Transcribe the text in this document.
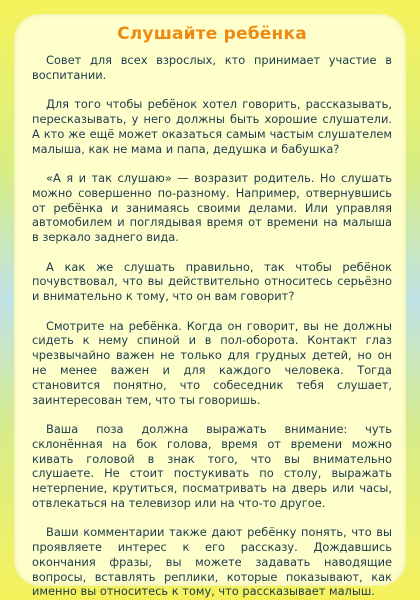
Слушайте ребёнка

Совет для всех взрослых, кто принимает участие в воспитании.

Для того чтобы ребёнок хотел говорить, рассказывать, пересказывать, у него должны быть хорошие слушатели. А кто же ещё может оказаться самым частым слушателем малыша, как не мама и папа, дедушка и бабушка?

«А я и так слушаю» — возразит родитель. Но слушать можно совершенно по-разному. Например, отвернувшись от ребёнка и занимаясь своими делами. Или управляя автомобилем и поглядывая время от времени на малыша в зеркало заднего вида.

А как же слушать правильно, так чтобы ребёнок почувствовал, что вы действительно относитесь серьёзно и внимательно к тому, что он вам говорит?

Смотрите на ребёнка. Когда он говорит, вы не должны сидеть к нему спиной и в пол-оборота. Контакт глаз чрезвычайно важен не только для грудных детей, но он не менее важен и для каждого человека. Тогда становится понятно, что собеседник тебя слушает, заинтересован тем, что ты говоришь.

Ваша поза должна выражать внимание: чуть склонённая на бок голова, время от времени можно кивать головой в знак того, что вы внимательно слушаете. Не стоит постукивать по столу, выражать нетерпение, крутиться, посматривать на дверь или часы, отвлекаться на телевизор или на что-то другое.

Ваши комментарии также дают ребёнку понять, что вы проявляете интерес к его рассказу. Дождавшись окончания фразы, вы можете задавать наводящие вопросы, вставлять реплики, которые показывают, как именно вы относитесь к тому, что рассказывает малыш.
